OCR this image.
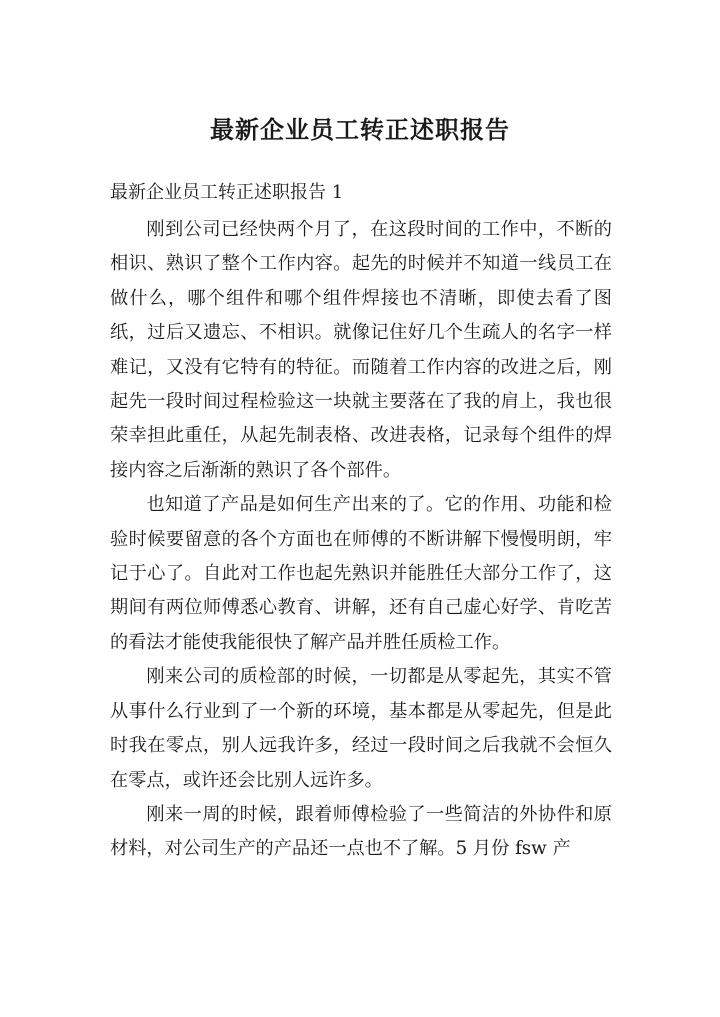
最新企业员工转正述职报告
最新企业员工转正述职报告 1

刚到公司已经快两个月了，在这段时间的工作中，不断的相识、熟识了整个工作内容。起先的时候并不知道一线员工在做什么，哪个组件和哪个组件焊接也不清晰，即使去看了图纸，过后又遗忘、不相识。就像记住好几个生疏人的名字一样难记，又没有它特有的特征。而随着工作内容的改进之后，刚起先一段时间过程检验这一块就主要落在了我的肩上，我也很荣幸担此重任，从起先制表格、改进表格，记录每个组件的焊接内容之后渐渐的熟识了各个部件。

也知道了产品是如何生产出来的了。它的作用、功能和检验时候要留意的各个方面也在师傅的不断讲解下慢慢明朗，牢记于心了。自此对工作也起先熟识并能胜任大部分工作了，这期间有两位师傅悉心教育、讲解，还有自己虚心好学、肯吃苦的看法才能使我能很快了解产品并胜任质检工作。

刚来公司的质检部的时候，一切都是从零起先，其实不管从事什么行业到了一个新的环境，基本都是从零起先，但是此时我在零点，别人远我许多，经过一段时间之后我就不会恒久在零点，或许还会比别人远许多。

刚来一周的时候，跟着师傅检验了一些简洁的外协件和原材料，对公司生产的产品还一点也不了解。5 月份 fsw 产
